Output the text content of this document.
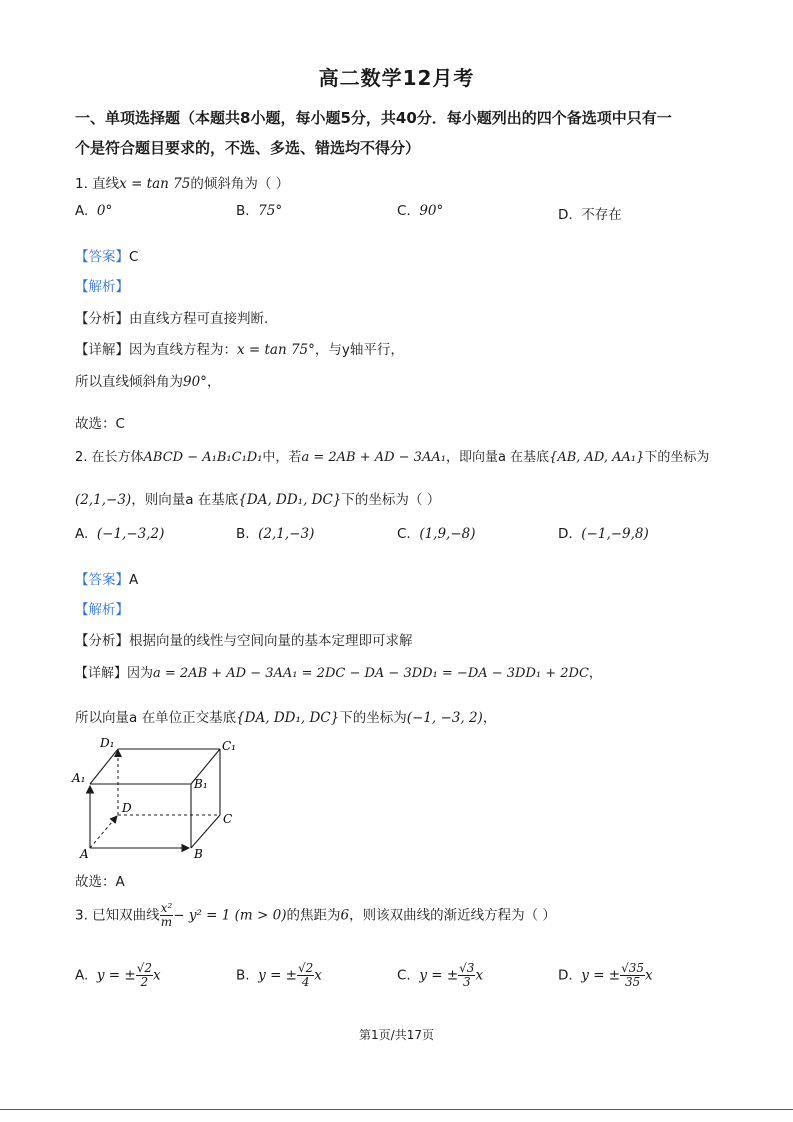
高二数学12月考
一、单项选择题（本题共8小题，每小题5分，共40分．每小题列出的四个备选项中只有一
个是符合题目要求的，不选、多选、错选均不得分）
1. 直线x = tan 75的倾斜角为（ ）
A. 0°	B. 75°	C. 90°	D. 不存在
【答案】C
【解析】
【分析】由直线方程可直接判断.
【详解】因为直线方程为：x = tan 75°，与y轴平行，
所以直线倾斜角为90°，
故选：C
2. 在长方体ABCD − A₁B₁C₁D₁中，若a = 2AB + AD − 3AA₁，即向量a 在基底{AB, AD, AA₁}下的坐标为
(2,1,−3)，则向量a 在基底{DA, DD₁, DC}下的坐标为（ ）
A. (−1,−3,2)	B. (2,1,−3)	C. (1,9,−8)	D. (−1,−9,8)
【答案】A
【解析】
【分析】根据向量的线性与空间向量的基本定理即可求解
【详解】因为a = 2AB + AD − 3AA₁ = 2DC − DA − 3DD₁ = −DA − 3DD₁ + 2DC，
所以向量a 在单位正交基底{DA, DD₁, DC}下的坐标为(−1, −3, 2)，
A	B
C
D
A₁	B₁
C₁
D₁
故选：A
3. 已知双曲线 $\frac{\text{x²}}{m} - y^2 = 1$ (m > 0)的焦距为6，则该双曲线的渐近线方程为（ ）
A. y = ± $\frac{√2}{2}$ x	B. y = ± $\frac{√2}{4}$ x	C. y = ± $\frac{√3}{3}$ x	D. y = ± $\frac{√35}{35}$ x
第1页/共17页
